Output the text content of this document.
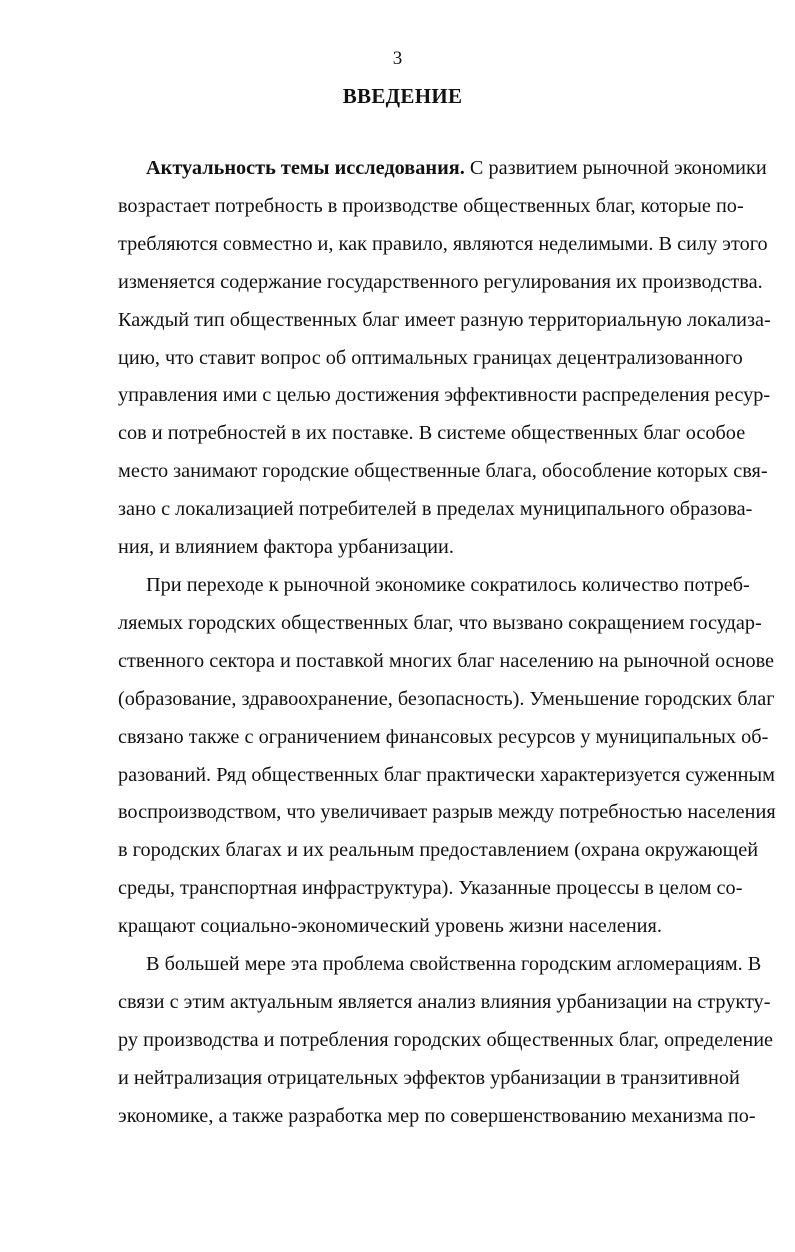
3
ВВЕДЕНИЕ
Актуальность темы исследования. С развитием рыночной экономики
возрастает потребность в производстве общественных благ, которые по-
требляются совместно и, как правило, являются неделимыми. В силу этого
изменяется содержание государственного регулирования их производства.
Каждый тип общественных благ имеет разную территориальную локализа-
цию, что ставит вопрос об оптимальных границах децентрализованного
управления ими с целью достижения эффективности распределения ресур-
сов и потребностей в их поставке. В системе общественных благ особое
место занимают городские общественные блага, обособление которых свя-
зано с локализацией потребителей в пределах муниципального образова-
ния, и влиянием фактора урбанизации.
При переходе к рыночной экономике сократилось количество потреб-
ляемых городских общественных благ, что вызвано сокращением государ-
ственного сектора и поставкой многих благ населению на рыночной основе
(образование, здравоохранение, безопасность). Уменьшение городских благ
связано также с ограничением финансовых ресурсов у муниципальных об-
разований. Ряд общественных благ практически характеризуется суженным
воспроизводством, что увеличивает разрыв между потребностью населения
в городских благах и их реальным предоставлением (охрана окружающей
среды, транспортная инфраструктура). Указанные процессы в целом со-
кращают социально-экономический уровень жизни населения.
В большей мере эта проблема свойственна городским агломерациям. В
связи с этим актуальным является анализ влияния урбанизации на структу-
ру производства и потребления городских общественных благ, определение
и нейтрализация отрицательных эффектов урбанизации в транзитивной
экономике, а также разработка мер по совершенствованию механизма по-
